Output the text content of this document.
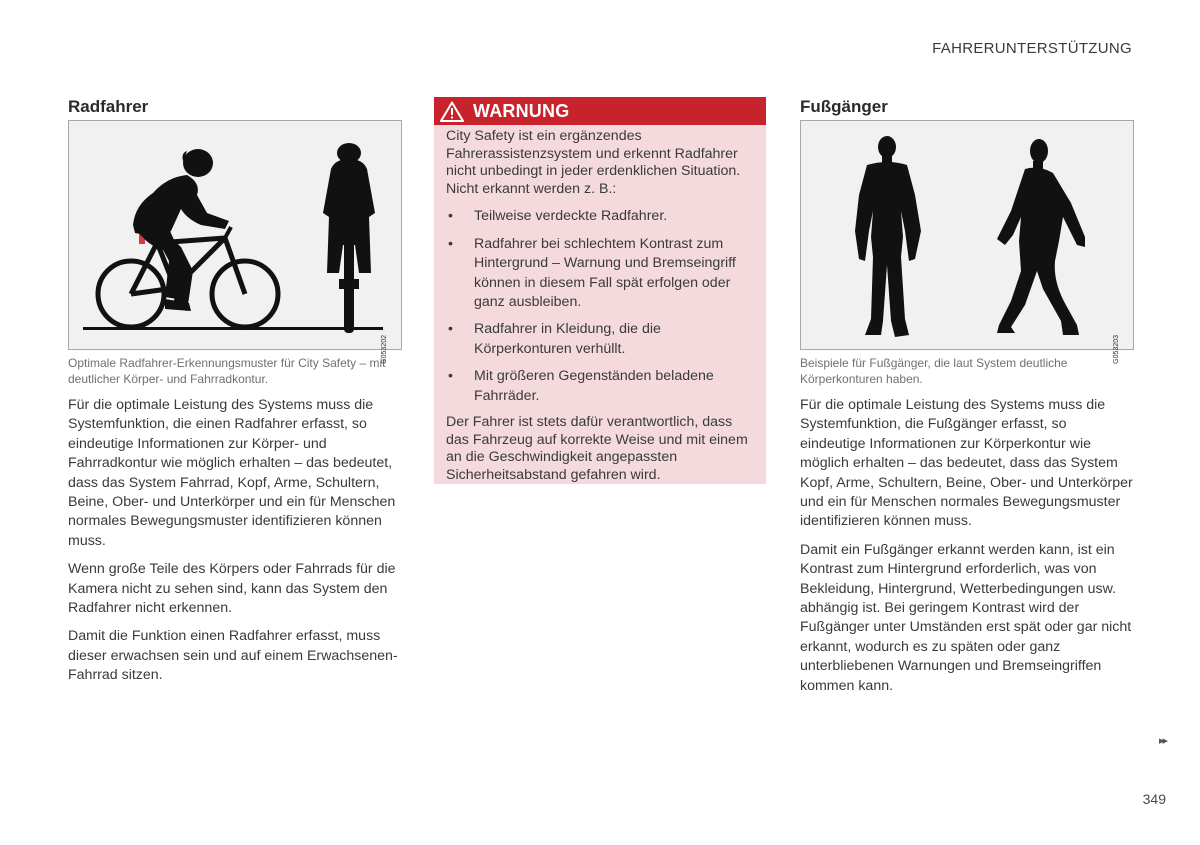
FAHRERUNTERSTÜTZUNG
Radfahrer
G053202
Optimale Radfahrer-Erkennungsmuster für City Safety – mit deutlicher Körper- und Fahrradkontur.

Für die optimale Leistung des Systems muss die Systemfunktion, die einen Radfahrer erfasst, so eindeutige Informationen zur Körper- und Fahrradkontur wie möglich erhalten – das bedeutet, dass das System Fahrrad, Kopf, Arme, Schultern, Beine, Ober- und Unterkörper und ein für Menschen normales Bewegungsmuster identifizieren können muss.

Wenn große Teile des Körpers oder Fahrrads für die Kamera nicht zu sehen sind, kann das System den Radfahrer nicht erkennen.

Damit die Funktion einen Radfahrer erfasst, muss dieser erwachsen sein und auf einem Erwachsenen-Fahrrad sitzen.

WARNUNG

City Safety ist ein ergänzendes Fahrerassistenzsystem und erkennt Radfahrer nicht unbedingt in jeder erdenklichen Situation. Nicht erkannt werden z. B.:

• Teilweise verdeckte Radfahrer.
• Radfahrer bei schlechtem Kontrast zum Hintergrund – Warnung und Bremseingriff können in diesem Fall spät erfolgen oder ganz ausbleiben.
• Radfahrer in Kleidung, die die Körperkonturen verhüllt.
• Mit größeren Gegenständen beladene Fahrräder.

Der Fahrer ist stets dafür verantwortlich, dass das Fahrzeug auf korrekte Weise und mit einem an die Geschwindigkeit angepassten Sicherheitsabstand gefahren wird.

Fußgänger
G053203
Beispiele für Fußgänger, die laut System deutliche Körperkonturen haben.

Für die optimale Leistung des Systems muss die Systemfunktion, die Fußgänger erfasst, so eindeutige Informationen zur Körperkontur wie möglich erhalten – das bedeutet, dass das System Kopf, Arme, Schultern, Beine, Ober- und Unterkörper und ein für Menschen normales Bewegungsmuster identifizieren können muss.

Damit ein Fußgänger erkannt werden kann, ist ein Kontrast zum Hintergrund erforderlich, was von Bekleidung, Hintergrund, Wetterbedingungen usw. abhängig ist. Bei geringem Kontrast wird der Fußgänger unter Umständen erst spät oder gar nicht erkannt, wodurch es zu späten oder ganz unterbliebenen Warnungen und Bremseingriffen kommen kann.

▸▸
349
